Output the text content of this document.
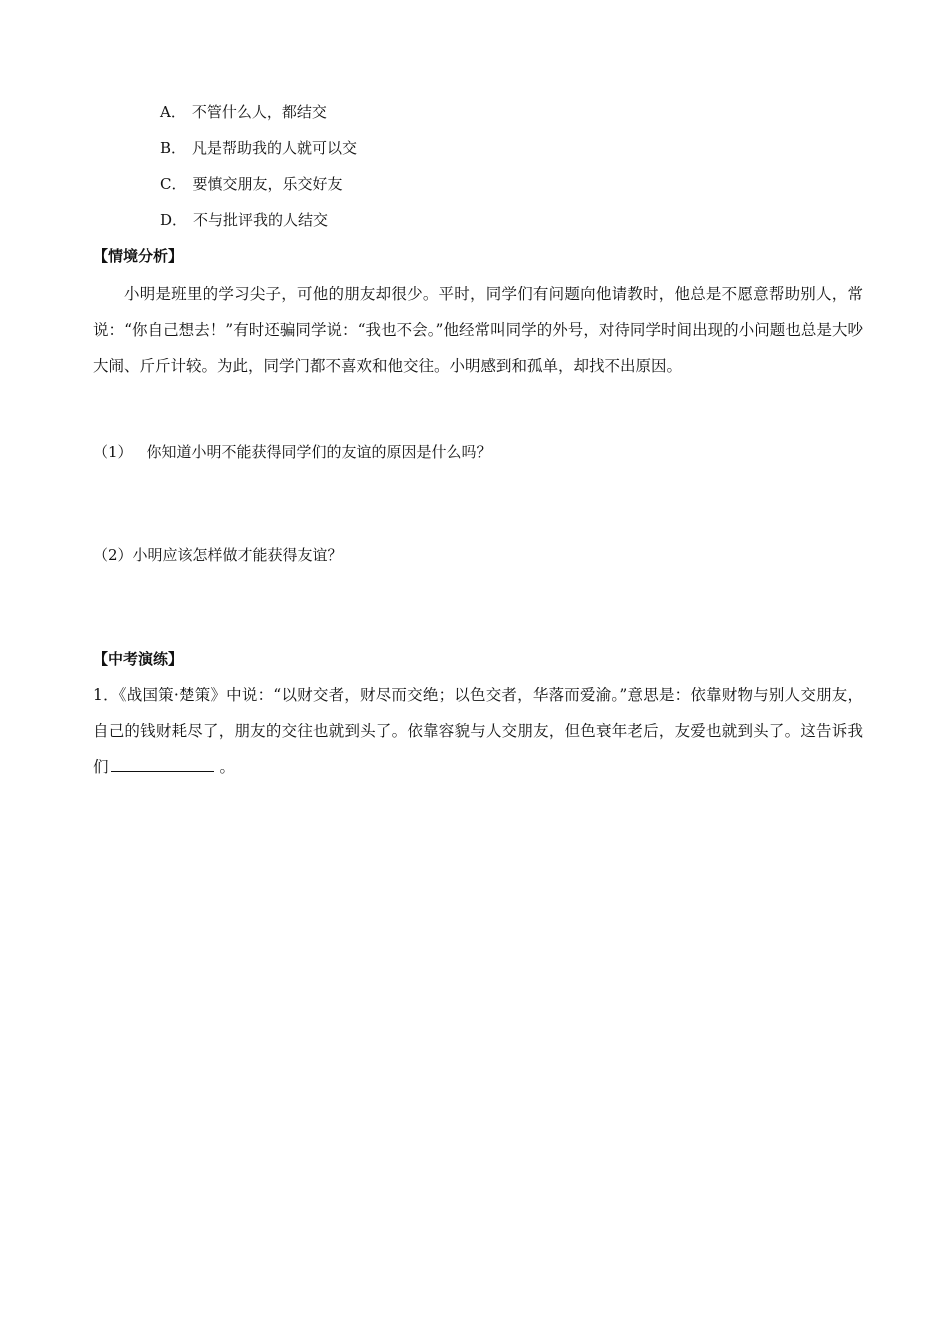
A． 不管什么人，都结交
B． 凡是帮助我的人就可以交
C． 要慎交朋友，乐交好友
D． 不与批评我的人结交
【情境分析】

小明是班里的学习尖子，可他的朋友却很少。平时，同学们有问题向他请教时，他总是不愿意帮助别人，常说：“你自己想去！”有时还骗同学说：“我也不会。”他经常叫同学的外号，对待同学时间出现的小问题也总是大吵大闹、斤斤计较。为此，同学门都不喜欢和他交往。小明感到和孤单，却找不出原因。

（1） 你知道小明不能获得同学们的友谊的原因是什么吗？
（2）小明应该怎样做才能获得友谊？
【中考演练】

1．《战国策·楚策》中说：“以财交者，财尽而交绝；以色交者，华落而爱渝。”意思是：依靠财物与别人交朋友，自己的钱财耗尽了，朋友的交往也就到头了。依靠容貌与人交朋友，但色衰年老后，友爱也就到头了。这告诉我们	。
